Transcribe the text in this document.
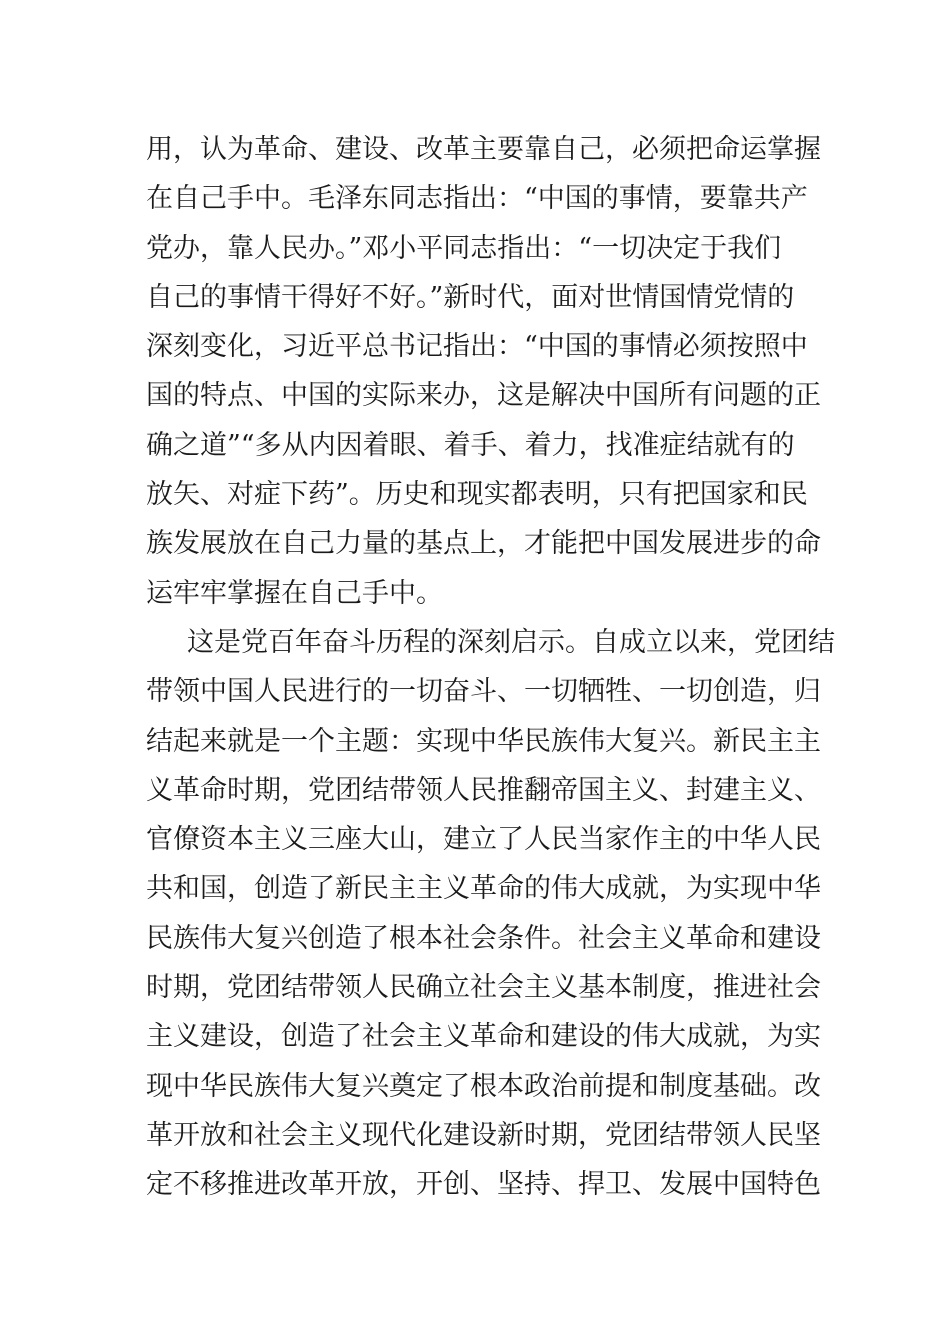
用，认为革命、建设、改革主要靠自己，必须把命运掌握
在自己手中。毛泽东同志指出：“中国的事情，要靠共产
党办，靠人民办。”邓小平同志指出：“一切决定于我们
自己的事情干得好不好。”新时代，面对世情国情党情的
深刻变化，习近平总书记指出：“中国的事情必须按照中
国的特点、中国的实际来办，这是解决中国所有问题的正
确之道”“多从内因着眼、着手、着力，找准症结就有的
放矢、对症下药”。历史和现实都表明，只有把国家和民
族发展放在自己力量的基点上，才能把中国发展进步的命
运牢牢掌握在自己手中。
这是党百年奋斗历程的深刻启示。自成立以来，党团结
带领中国人民进行的一切奋斗、一切牺牲、一切创造，归
结起来就是一个主题：实现中华民族伟大复兴。新民主主
义革命时期，党团结带领人民推翻帝国主义、封建主义、
官僚资本主义三座大山，建立了人民当家作主的中华人民
共和国，创造了新民主主义革命的伟大成就，为实现中华
民族伟大复兴创造了根本社会条件。社会主义革命和建设
时期，党团结带领人民确立社会主义基本制度，推进社会
主义建设，创造了社会主义革命和建设的伟大成就，为实
现中华民族伟大复兴奠定了根本政治前提和制度基础。改
革开放和社会主义现代化建设新时期，党团结带领人民坚
定不移推进改革开放，开创、坚持、捍卫、发展中国特色
